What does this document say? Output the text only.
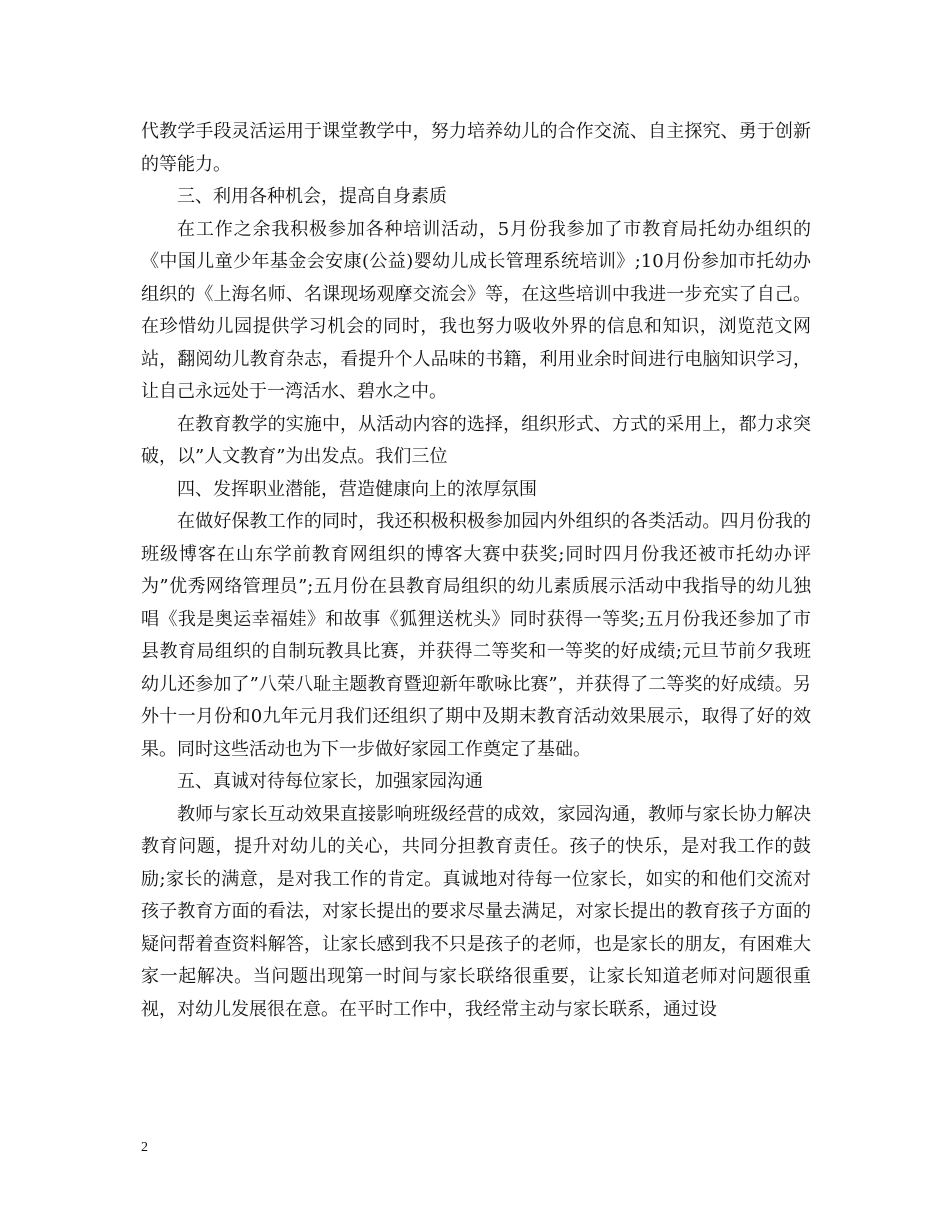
代教学手段灵活运用于课堂教学中，努力培养幼儿的合作交流、自主探究、勇于创新的等能力。

三、利用各种机会，提高自身素质

在工作之余我积极参加各种培训活动，5月份我参加了市教育局托幼办组织的《中国儿童少年基金会安康(公益)婴幼儿成长管理系统培训》;10月份参加市托幼办组织的《上海名师、名课现场观摩交流会》等，在这些培训中我进一步充实了自己。在珍惜幼儿园提供学习机会的同时，我也努力吸收外界的信息和知识，浏览范文网站，翻阅幼儿教育杂志，看提升个人品味的书籍，利用业余时间进行电脑知识学习，让自己永远处于一湾活水、碧水之中。

在教育教学的实施中，从活动内容的选择，组织形式、方式的采用上，都力求突破，以”人文教育”为出发点。我们三位

四、发挥职业潜能，营造健康向上的浓厚氛围

在做好保教工作的同时，我还积极积极参加园内外组织的各类活动。四月份我的班级博客在山东学前教育网组织的博客大赛中获奖;同时四月份我还被市托幼办评为”优秀网络管理员”;五月份在县教育局组织的幼儿素质展示活动中我指导的幼儿独唱《我是奥运幸福娃》和故事《狐狸送枕头》同时获得一等奖;五月份我还参加了市县教育局组织的自制玩教具比赛，并获得二等奖和一等奖的好成绩;元旦节前夕我班幼儿还参加了”八荣八耻主题教育暨迎新年歌咏比赛”，并获得了二等奖的好成绩。另外十一月份和0九年元月我们还组织了期中及期末教育活动效果展示，取得了好的效果。同时这些活动也为下一步做好家园工作奠定了基础。

五、真诚对待每位家长，加强家园沟通

教师与家长互动效果直接影响班级经营的成效，家园沟通，教师与家长协力解决教育问题，提升对幼儿的关心，共同分担教育责任。孩子的快乐，是对我工作的鼓励;家长的满意，是对我工作的肯定。真诚地对待每一位家长，如实的和他们交流对孩子教育方面的看法，对家长提出的要求尽量去满足，对家长提出的教育孩子方面的疑问帮着查资料解答，让家长感到我不只是孩子的老师，也是家长的朋友，有困难大家一起解决。当问题出现第一时间与家长联络很重要，让家长知道老师对问题很重视，对幼儿发展很在意。在平时工作中，我经常主动与家长联系，通过设

2
